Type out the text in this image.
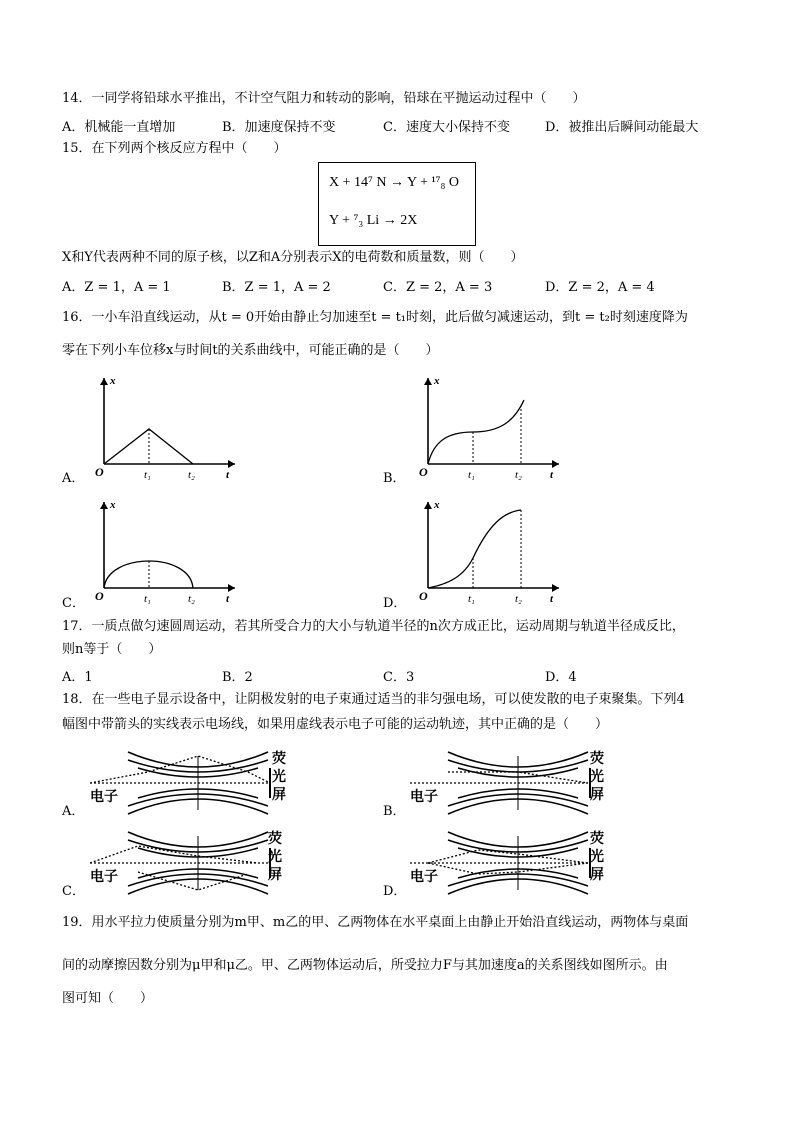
14．一同学将铅球水平推出，不计空气阻力和转动的影响，铅球在平抛运动过程中（　　）
A．机械能一直增加	B．加速度保持不变	C．速度大小保持不变	D．被推出后瞬间动能最大
15．在下列两个核反应方程中（　　）
X + 14⁷ N → Y + ¹⁷₈ O
Y + ⁷₃ Li → 2X
X和Y代表两种不同的原子核，以Z和A分别表示X的电荷数和质量数，则（　　）
A．Z = 1，A = 1	B．Z = 1，A = 2	C．Z = 2，A = 3	D．Z = 2，A = 4
16．一小车沿直线运动，从t = 0开始由静止匀加速至t = t₁时刻，此后做匀减速运动，到t = t₂时刻速度降为
零在下列小车位移x与时间t的关系曲线中，可能正确的是（　　）
A．
x
O	t₁	t₂	t	B．
x
O	t₁	t₂	t
C．
x
O	t₁	t₂	t	D．
x
O	t₁	t₂	t
17．一质点做匀速圆周运动，若其所受合力的大小与轨道半径的n次方成正比，运动周期与轨道半径成反比，
则n等于（　　）
A．1	B．2	C．3	D．4
18．在一些电子显示设备中，让阴极发射的电子束通过适当的非匀强电场，可以使发散的电子束聚集。下列4
幅图中带箭头的实线表示电场线，如果用虚线表示电子可能的运动轨迹，其中正确的是（　　）
A．
电子
荧
光
屏
B．
电子
荧
光
屏
C．
电子
荧
光
屏
D．
电子
荧
光
屏
19．用水平拉力使质量分别为m甲、m乙的甲、乙两物体在水平桌面上由静止开始沿直线运动，两物体与桌面
间的动摩擦因数分别为μ甲和μ乙。甲、乙两物体运动后，所受拉力F与其加速度a的关系图线如图所示。由
图可知（　　）
